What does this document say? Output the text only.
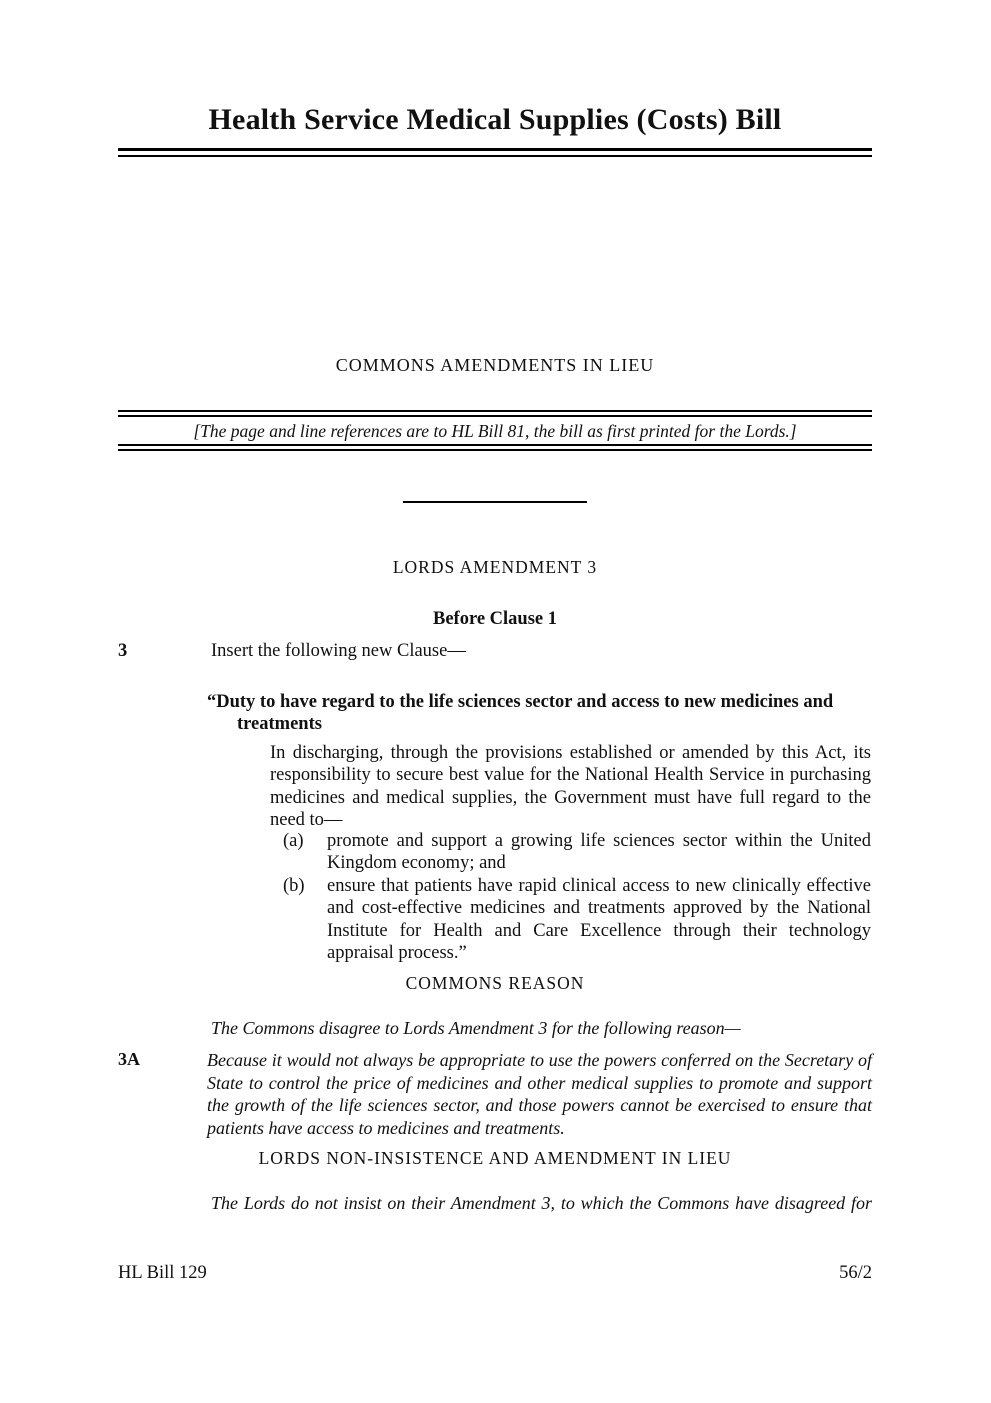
Health Service Medical Supplies (Costs) Bill
COMMONS AMENDMENTS IN LIEU
[The page and line references are to HL Bill 81, the bill as first printed for the Lords.]
LORDS AMENDMENT 3
Before Clause 1
3	Insert the following new Clause—
“Duty to have regard to the life sciences sector and access to new medicines and treatments
In discharging, through the provisions established or amended by this Act, its responsibility to secure best value for the National Health Service in purchasing medicines and medical supplies, the Government must have full regard to the need to—
(a) promote and support a growing life sciences sector within the United Kingdom economy; and
(b) ensure that patients have rapid clinical access to new clinically effective and cost-effective medicines and treatments approved by the National Institute for Health and Care Excellence through their technology appraisal process.”
COMMONS REASON
The Commons disagree to Lords Amendment 3 for the following reason—
3A	Because it would not always be appropriate to use the powers conferred on the Secretary of State to control the price of medicines and other medical supplies to promote and support the growth of the life sciences sector, and those powers cannot be exercised to ensure that patients have access to medicines and treatments.
LORDS NON-INSISTENCE AND AMENDMENT IN LIEU
The Lords do not insist on their Amendment 3, to which the Commons have disagreed for
HL Bill 129	56/2
